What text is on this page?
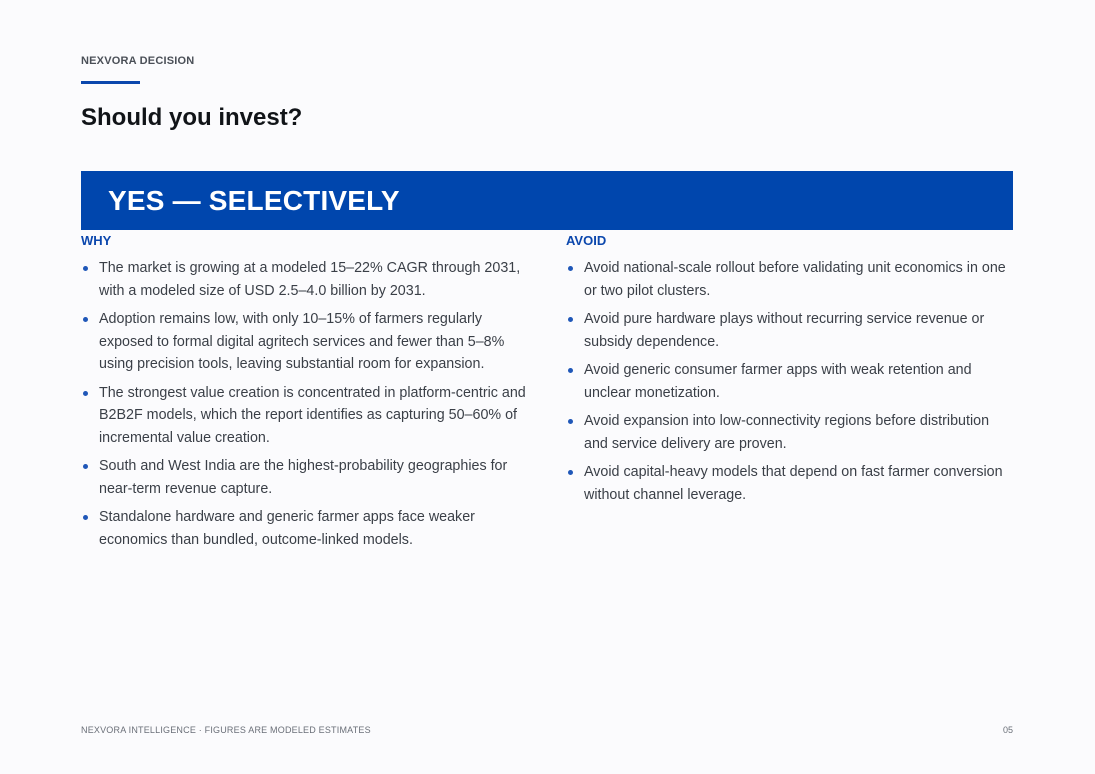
NEXVORA DECISION
Should you invest?
YES — SELECTIVELY
WHY
The market is growing at a modeled 15–22% CAGR through 2031, with a modeled size of USD 2.5–4.0 billion by 2031.
Adoption remains low, with only 10–15% of farmers regularly exposed to formal digital agritech services and fewer than 5–8% using precision tools, leaving substantial room for expansion.
The strongest value creation is concentrated in platform-centric and B2B2F models, which the report identifies as capturing 50–60% of incremental value creation.
South and West India are the highest-probability geographies for near-term revenue capture.
Standalone hardware and generic farmer apps face weaker economics than bundled, outcome-linked models.
AVOID
Avoid national-scale rollout before validating unit economics in one or two pilot clusters.
Avoid pure hardware plays without recurring service revenue or subsidy dependence.
Avoid generic consumer farmer apps with weak retention and unclear monetization.
Avoid expansion into low-connectivity regions before distribution and service delivery are proven.
Avoid capital-heavy models that depend on fast farmer conversion without channel leverage.
NEXVORA INTELLIGENCE · FIGURES ARE MODELED ESTIMATES	05
